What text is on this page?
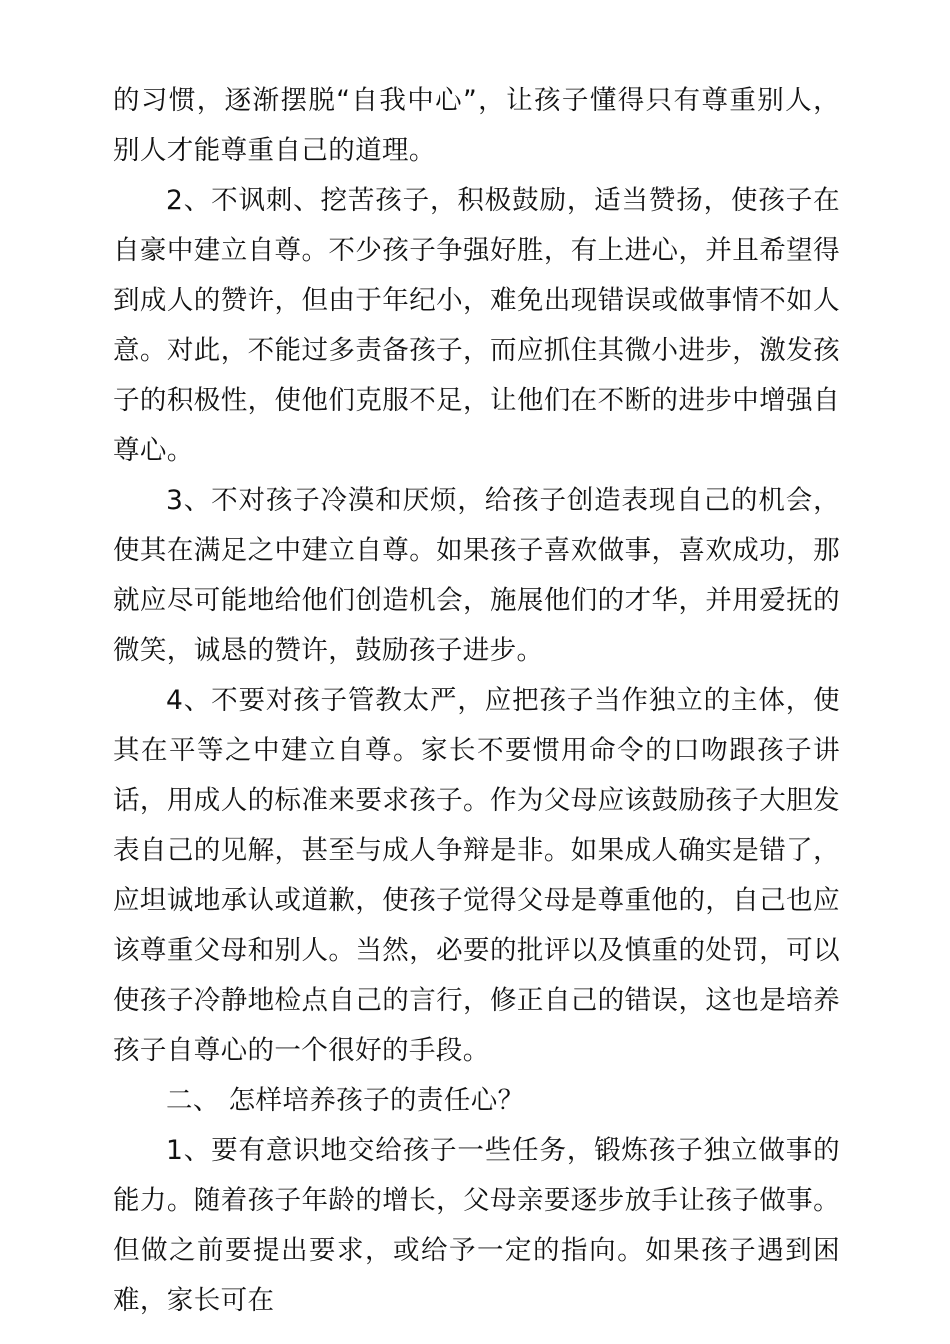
的习惯，逐渐摆脱“自我中心”，让孩子懂得只有尊重别人，别人才能尊重自己的道理。

2、不讽刺、挖苦孩子，积极鼓励，适当赞扬，使孩子在自豪中建立自尊。不少孩子争强好胜，有上进心，并且希望得到成人的赞许，但由于年纪小，难免出现错误或做事情不如人意。对此，不能过多责备孩子，而应抓住其微小进步，激发孩子的积极性，使他们克服不足，让他们在不断的进步中增强自尊心。

3、不对孩子冷漠和厌烦，给孩子创造表现自己的机会，使其在满足之中建立自尊。如果孩子喜欢做事，喜欢成功，那就应尽可能地给他们创造机会，施展他们的才华，并用爱抚的微笑，诚恳的赞许，鼓励孩子进步。

4、不要对孩子管教太严，应把孩子当作独立的主体，使其在平等之中建立自尊。家长不要惯用命令的口吻跟孩子讲话，用成人的标准来要求孩子。作为父母应该鼓励孩子大胆发表自己的见解，甚至与成人争辩是非。如果成人确实是错了，应坦诚地承认或道歉，使孩子觉得父母是尊重他的，自己也应该尊重父母和别人。当然，必要的批评以及慎重的处罚，可以使孩子冷静地检点自己的言行，修正自己的错误，这也是培养孩子自尊心的一个很好的手段。

二、 怎样培养孩子的责任心？

1、要有意识地交给孩子一些任务，锻炼孩子独立做事的能力。随着孩子年龄的增长，父母亲要逐步放手让孩子做事。但做之前要提出要求，或给予一定的指向。如果孩子遇到困难，家长可在
